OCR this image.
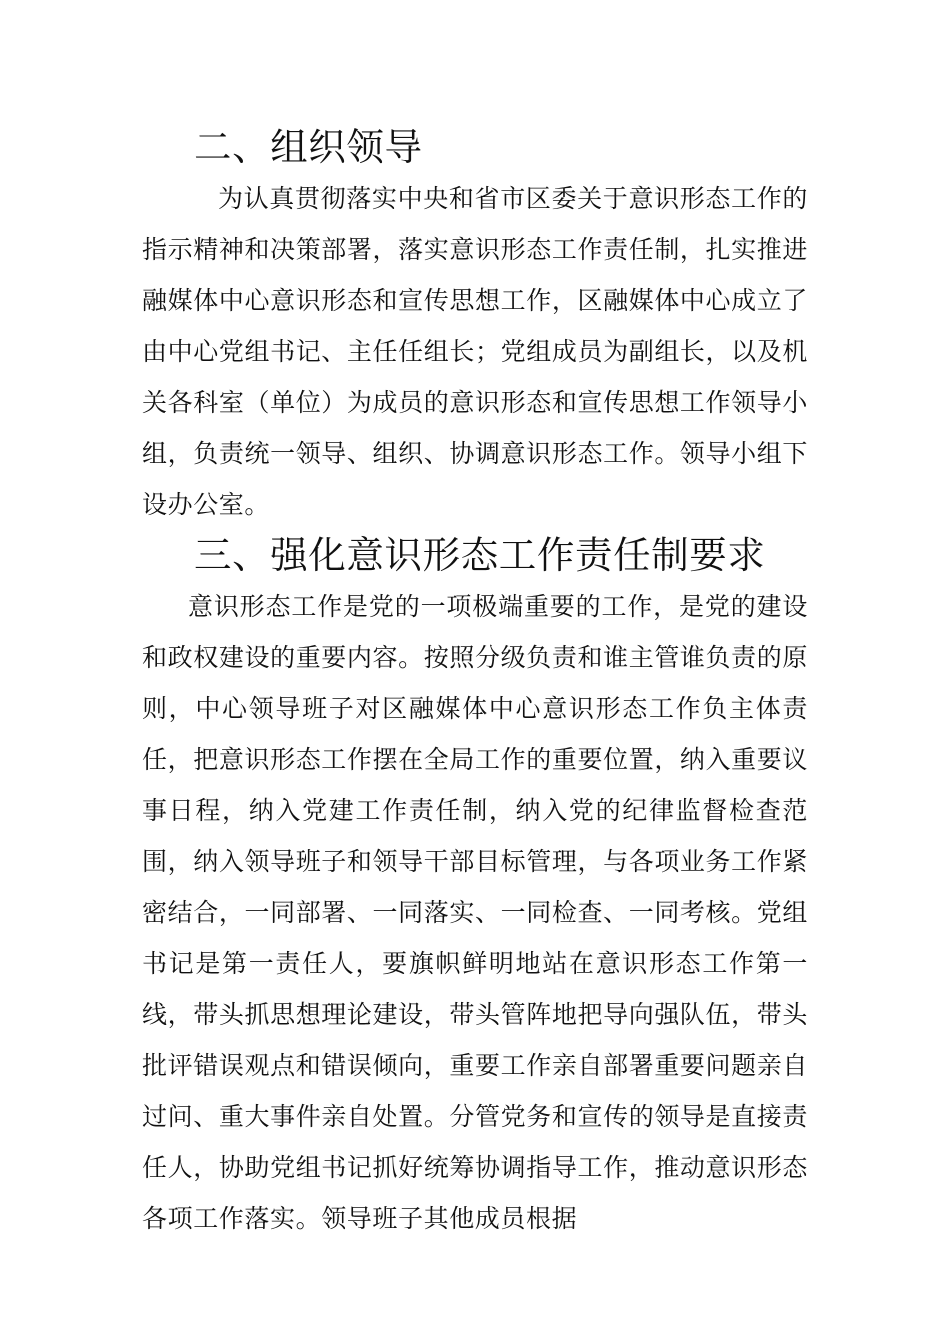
二、组织领导

为认真贯彻落实中央和省市区委关于意识形态工作的指示精神和决策部署，落实意识形态工作责任制，扎实推进融媒体中心意识形态和宣传思想工作，区融媒体中心成立了由中心党组书记、主任任组长；党组成员为副组长，以及机关各科室（单位）为成员的意识形态和宣传思想工作领导小组，负责统一领导、组织、协调意识形态工作。领导小组下设办公室。

三、强化意识形态工作责任制要求

意识形态工作是党的一项极端重要的工作，是党的建设和政权建设的重要内容。按照分级负责和谁主管谁负责的原则，中心领导班子对区融媒体中心意识形态工作负主体责任，把意识形态工作摆在全局工作的重要位置，纳入重要议事日程，纳入党建工作责任制，纳入党的纪律监督检查范围，纳入领导班子和领导干部目标管理，与各项业务工作紧密结合，一同部署、一同落实、一同检查、一同考核。党组书记是第一责任人，要旗帜鲜明地站在意识形态工作第一线，带头抓思想理论建设，带头管阵地把导向强队伍，带头批评错误观点和错误倾向，重要工作亲自部署重要问题亲自过问、重大事件亲自处置。分管党务和宣传的领导是直接责任人，协助党组书记抓好统筹协调指导工作，推动意识形态各项工作落实。领导班子其他成员根据
